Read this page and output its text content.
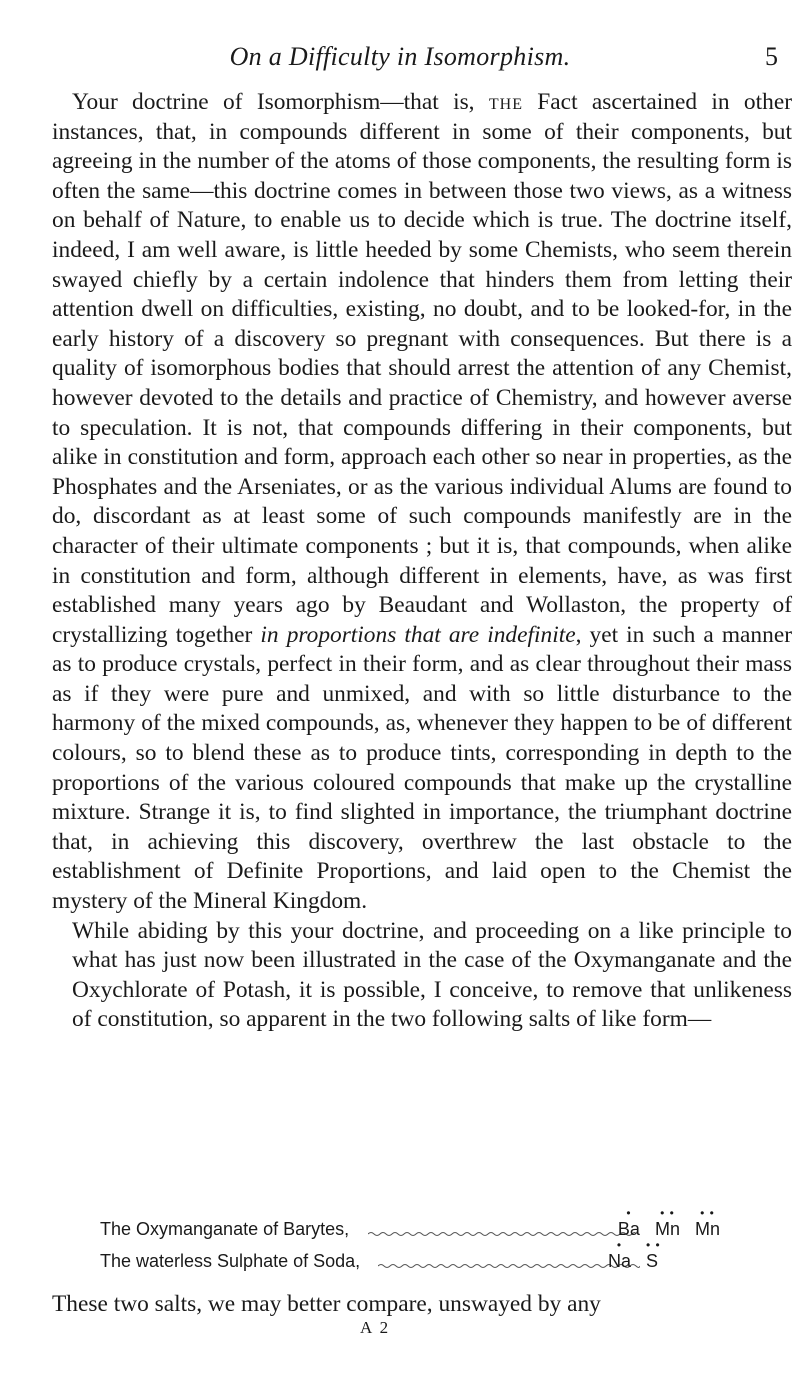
On a Difficulty in Isomorphism.	5

Your doctrine of Isomorphism—that is, the Fact ascertained in other instances, that, in compounds different in some of their components, but agreeing in the number of the atoms of those components, the resulting form is often the same—this doctrine comes in between those two views, as a witness on behalf of Nature, to enable us to decide which is true. The doctrine itself, indeed, I am well aware, is little heeded by some Chemists, who seem therein swayed chiefly by a certain indolence that hinders them from letting their attention dwell on difficulties, existing, no doubt, and to be looked-for, in the early history of a discovery so pregnant with consequences. But there is a quality of isomorphous bodies that should arrest the attention of any Chemist, however devoted to the details and practice of Chemistry, and however averse to speculation. It is not, that compounds differing in their components, but alike in constitution and form, approach each other so near in properties, as the Phosphates and the Arseniates, or as the various individual Alums are found to do, discordant as at least some of such compounds manifestly are in the character of their ultimate components ; but it is, that compounds, when alike in constitution and form, although different in elements, have, as was first established many years ago by Beaudant and Wollaston, the property of crystallizing together in proportions that are indefinite, yet in such a manner as to produce crystals, perfect in their form, and as clear throughout their mass as if they were pure and unmixed, and with so little disturbance to the harmony of the mixed compounds, as, whenever they happen to be of different colours, so to blend these as to produce tints, corresponding in depth to the proportions of the various coloured compounds that make up the crystalline mixture. Strange it is, to find slighted in importance, the triumphant doctrine that, in achieving this discovery, overthrew the last obstacle to the establishment of Definite Proportions, and laid open to the Chemist the mystery of the Mineral Kingdom.

While abiding by this your doctrine, and proceeding on a like principle to what has just now been illustrated in the case of the Oxymanganate and the Oxychlorate of Potash, it is possible, I conceive, to remove that unlikeness of constitution, so apparent in the two following salts of like form—

The Oxymanganate of Barytes,
•
Ba
• •
Mn
• •
Mn
The waterless Sulphate of Soda,
•
Na
• •
S

These two salts, we may better compare, unswayed by any

A 2
